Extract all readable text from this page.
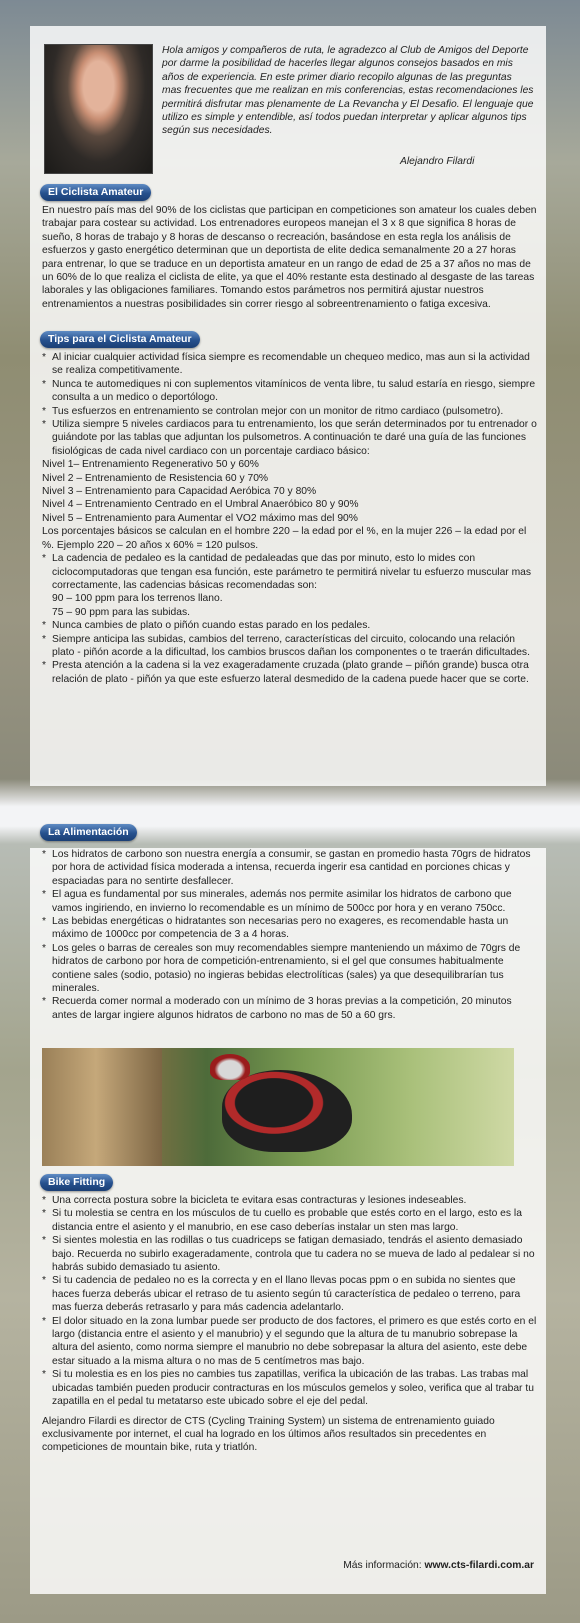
Hola amigos y compañeros de ruta, le agradezco al Club de Amigos del Deporte por darme la posibilidad de hacerles llegar algunos consejos basados en mis años de experiencia. En este primer diario recopilo algunas de las preguntas mas frecuentes que me realizan en mis conferencias, estas recomendaciones les permitirá disfrutar mas plenamente de La Revancha y El Desafio. El lenguaje que utilizo es simple y entendible, así todos puedan interpretar y aplicar algunos tips según sus necesidades.

Alejandro Filardi
El Ciclista Amateur

En nuestro país mas del 90% de los ciclistas que participan en competiciones son amateur los cuales deben trabajar para costear su actividad. Los entrenadores europeos manejan el 3 x 8 que significa 8 horas de sueño, 8 horas de trabajo y 8 horas de descanso o recreación, basándose en esta regla los análisis de esfuerzos y gasto energético determinan que un deportista de elite dedica semanalmente 20 a 27 horas para entrenar, lo que se traduce en un deportista amateur en un rango de edad de 25 a 37 años no mas de un 60% de lo que realiza el ciclista de elite, ya que el 40% restante esta destinado al desgaste de las tareas laborales y las obligaciones familiares. Tomando estos parámetros nos permitirá ajustar nuestros entrenamientos a nuestras posibilidades sin correr riesgo al sobreentrenamiento o fatiga excesiva.

Tips para el Ciclista Amateur
* Al iniciar cualquier actividad física siempre es recomendable un chequeo medico, mas aun si la actividad se realiza competitivamente.
* Nunca te automediques ni con suplementos vitamínicos de venta libre, tu salud estaría en riesgo, siempre consulta a un medico o deportólogo.
* Tus esfuerzos en entrenamiento se controlan mejor con un monitor de ritmo cardiaco (pulsometro).
* Utiliza siempre 5 niveles cardiacos para tu entrenamiento, los que serán determinados por tu entrenador o guiándote por las tablas que adjuntan los pulsometros. A continuación te daré una guía de las funciones fisiológicas de cada nivel cardiaco con un porcentaje cardiaco básico:
Nivel 1– Entrenamiento Regenerativo 50 y 60%
Nivel 2 – Entrenamiento de Resistencia 60 y 70%
Nivel 3 – Entrenamiento para Capacidad Aeróbica 70 y 80%
Nivel 4 – Entrenamiento Centrado en el Umbral Anaeróbico 80 y 90%
Nivel 5 – Entrenamiento para Aumentar el VO2 máximo mas del 90%
Los porcentajes básicos se calculan en el hombre 220 – la edad por el %, en la mujer 226 – la edad por el %. Ejemplo 220 – 20 años x 60% = 120 pulsos.
* La cadencia de pedaleo es la cantidad de pedaleadas que das por minuto, esto lo mides con ciclocomputadoras que tengan esa función, este parámetro te permitirá nivelar tu esfuerzo muscular mas correctamente, las cadencias básicas recomendadas son:
90 – 100 ppm para los terrenos llano.
75 – 90 ppm para las subidas.
* Nunca cambies de plato o piñón cuando estas parado en los pedales.
* Siempre anticipa las subidas, cambios del terreno, características del circuito, colocando una relación plato - piñón acorde a la dificultad, los cambios bruscos dañan los componentes o te traerán dificultades.
* Presta atención a la cadena si la vez exageradamente cruzada (plato grande – piñón grande) busca otra relación de plato - piñón ya que este esfuerzo lateral desmedido de la cadena puede hacer que se corte.
La Alimentación
* Los hidratos de carbono son nuestra energía a consumir, se gastan en promedio hasta 70grs de hidratos por hora de actividad física moderada a intensa, recuerda ingerir esa cantidad en porciones chicas y espaciadas para no sentirte desfallecer.
* El agua es fundamental por sus minerales, además nos permite asimilar los hidratos de carbono que vamos ingiriendo, en invierno lo recomendable es un mínimo de 500cc por hora y en verano 750cc.
* Las bebidas energéticas o hidratantes son necesarias pero no exageres, es recomendable hasta un máximo de 1000cc por competencia de 3 a 4 horas.
* Los geles o barras de cereales son muy recomendables siempre manteniendo un máximo de 70grs de hidratos de carbono por hora de competición-entrenamiento, si el gel que consumes habitualmente contiene sales (sodio, potasio) no ingieras bebidas electrolíticas (sales) ya que desequilibrarían tus minerales.
* Recuerda comer normal a moderado con un mínimo de 3 horas previas a la competición, 20 minutos antes de largar ingiere algunos hidratos de carbono no mas de 50 a 60 grs.
Bike Fitting
* Una correcta postura sobre la bicicleta te evitara esas contracturas y lesiones indeseables.
* Si tu molestia se centra en los músculos de tu cuello es probable que estés corto en el largo, esto es la distancia entre el asiento y el manubrio, en ese caso deberías instalar un sten mas largo.
* Si sientes molestia en las rodillas o tus cuadriceps se fatigan demasiado, tendrás el asiento demasiado bajo. Recuerda no subirlo exageradamente, controla que tu cadera no se mueva de lado al pedalear si no habrás subido demasiado tu asiento.
* Si tu cadencia de pedaleo no es la correcta y en el llano llevas pocas ppm o en subida no sientes que haces fuerza deberás ubicar el retraso de tu asiento según tú característica de pedaleo o terreno, para mas fuerza deberás retrasarlo y para más cadencia adelantarlo.
* El dolor situado en la zona lumbar puede ser producto de dos factores, el primero es que estés corto en el largo (distancia entre el asiento y el manubrio) y el segundo que la altura de tu manubrio sobrepase la altura del asiento, como norma siempre el manubrio no debe sobrepasar la altura del asiento, este debe estar situado a la misma altura o no mas de 5 centímetros mas bajo.
* Si tu molestia es en los pies no cambies tus zapatillas, verifica la ubicación de las trabas. Las trabas mal ubicadas también pueden producir contracturas en los músculos gemelos y soleo, verifica que al trabar tu zapatilla en el pedal tu metatarso este ubicado sobre el eje del pedal.
Alejandro Filardi es director de CTS (Cycling Training System) un sistema de entrenamiento guiado exclusivamente por internet, el cual ha logrado en los últimos años resultados sin precedentes en competiciones de mountain bike, ruta y triatlón.
Más información: www.cts-filardi.com.ar
